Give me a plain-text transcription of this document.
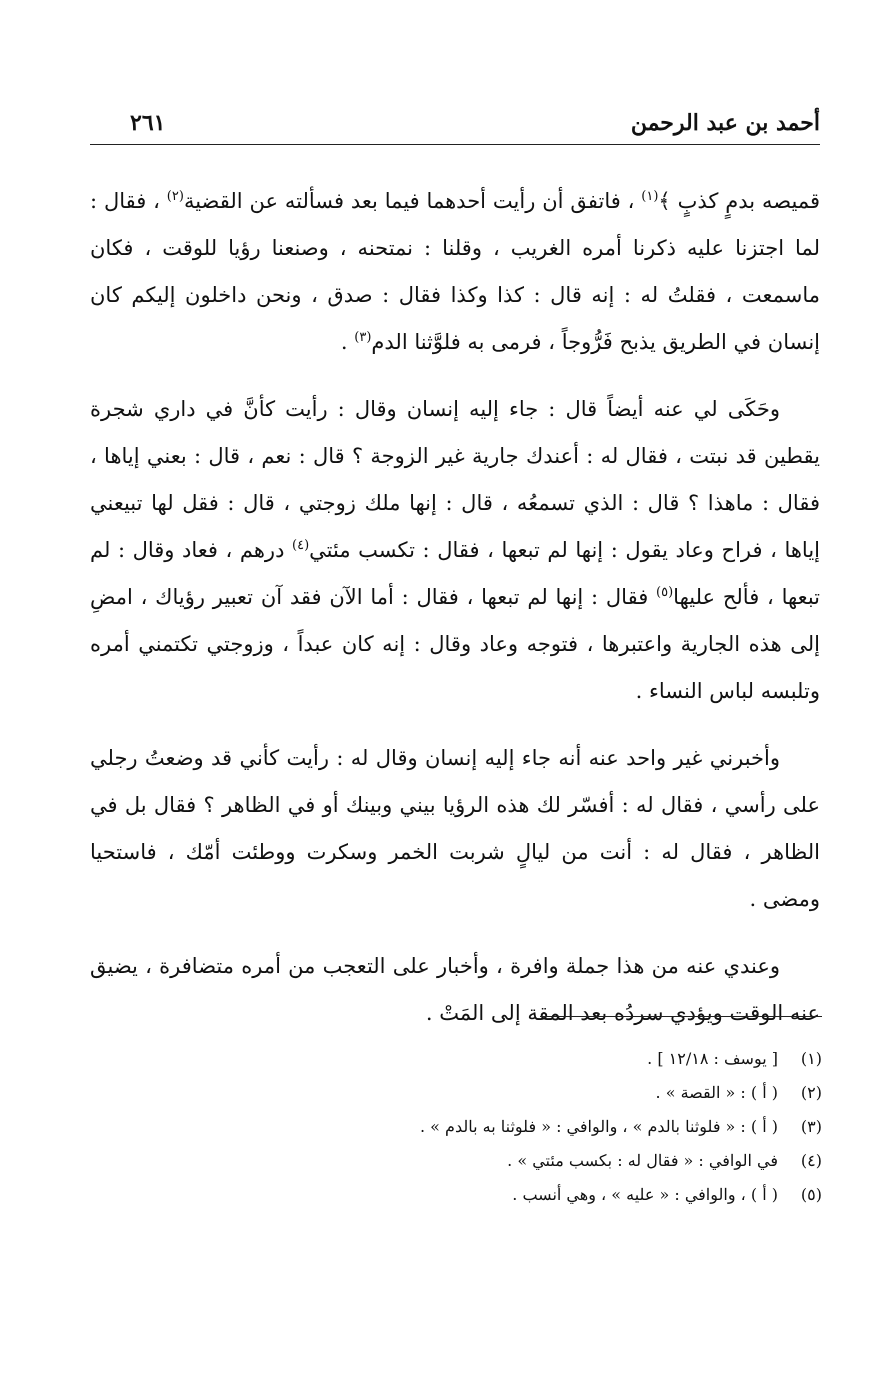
أحمد بن عبد الرحمن
٢٦١

قميصه بدمٍ كذبٍ ﴾$^{(١)}$ ، فاتفق أن رأيت أحدهما فيما بعد فسألته عن القضية$^{(٢)}$ ، فقال : لما اجتزنا عليه ذكرنا أمره الغريب ، وقلنا : نمتحنه ، وصنعنا رؤيا للوقت ، فكان ماسمعت ، فقلتُ له : إنه قال : كذا وكذا فقال : صدق ، ونحن داخلون إليكم كان إنسان في الطريق يذبح فَرُّوجاً ، فرمى به فلوَّثنا الدم$^{(٣)}$ .

وحَكَى لي عنه أيضاً قال : جاء إليه إنسان وقال : رأيت كأنَّ في داري شجرة يقطين قد نبتت ، فقال له : أعندك جارية غير الزوجة ؟ قال : نعم ، قال : بعني إياها ، فقال : ماهذا ؟ قال : الذي تسمعُه ، قال : إنها ملك زوجتي ، قال : فقل لها تبيعني إياها ، فراح وعاد يقول : إنها لم تبعها ، فقال : تكسب مئتي$^{(٤)}$ درهم ، فعاد وقال : لم تبعها ، فألح عليها$^{(٥)}$ فقال : إنها لم تبعها ، فقال : أما الآن فقد آن تعبير رؤياك ، امضِ إلى هذه الجارية واعتبرها ، فتوجه وعاد وقال : إنه كان عبداً ، وزوجتي تكتمني أمره وتلبسه لباس النساء .

وأخبرني غير واحد عنه أنه جاء إليه إنسان وقال له : رأيت كأني قد وضعتُ رجلي على رأسي ، فقال له : أفسّر لك هذه الرؤيا بيني وبينك أو في الظاهر ؟ فقال بل في الظاهر ، فقال له : أنت من ليالٍ شربت الخمر وسكرت ووطئت أمّك ، فاستحيا ومضى .

وعندي عنه من هذا جملة وافرة ، وأخبار على التعجب من أمره متضافرة ، يضيق عنه الوقت ويؤدي سردُه بعد المقة إلى المَتْ .

(١)
[ يوسف : ١٢/١٨ ] .
(٢)
( أ ) : « القصة » .
(٣)
( أ ) : « فلوثنا بالدم » ، والوافي : « فلوثنا به بالدم » .
(٤)
في الوافي : « فقال له : بكسب مئتي » .
(٥)
( أ ) ، والوافي : « عليه » ، وهي أنسب .
